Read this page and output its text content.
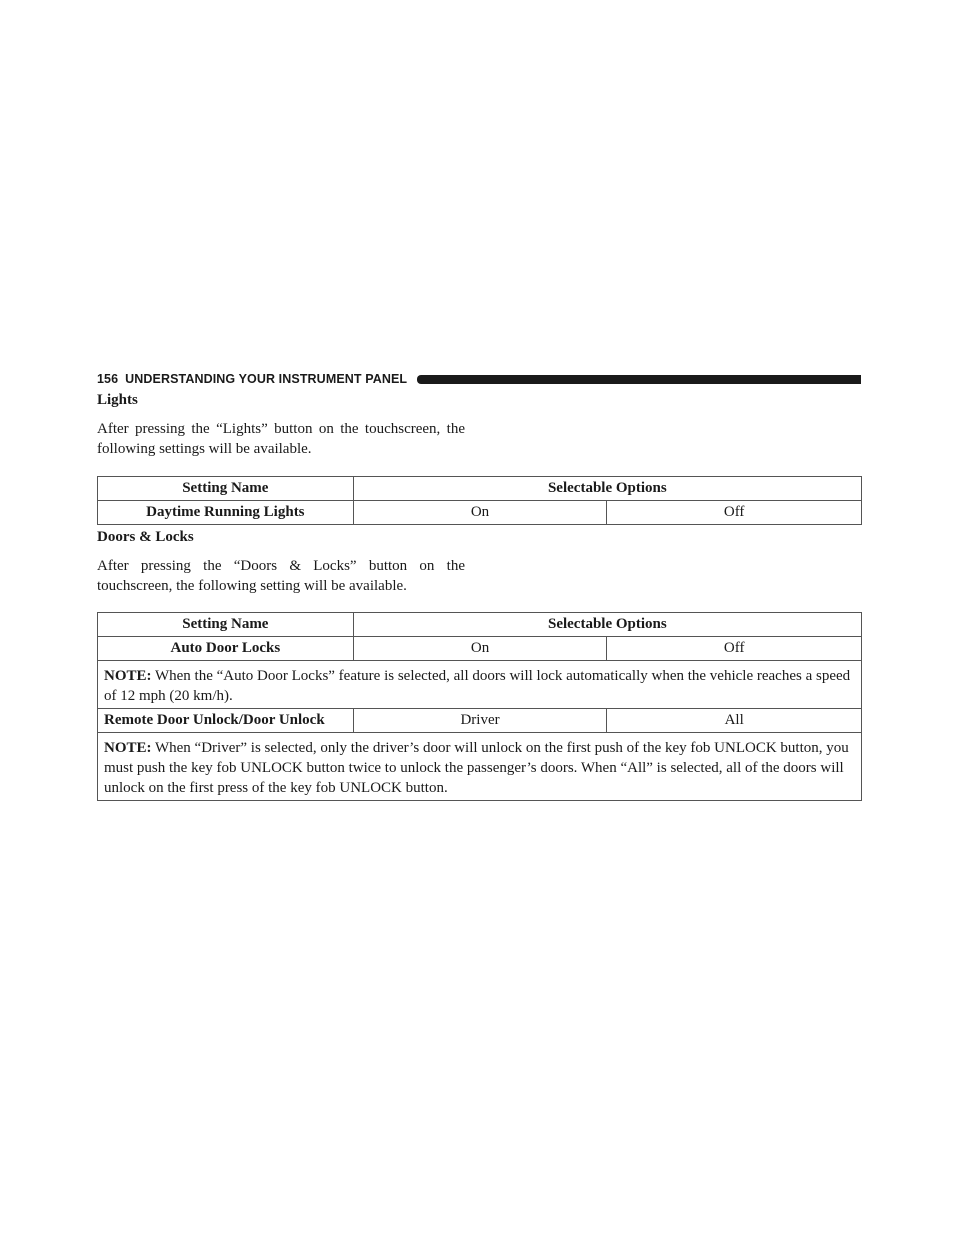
156 UNDERSTANDING YOUR INSTRUMENT PANEL
Lights

After pressing the “Lights” button on the touchscreen, the following settings will be available.

Setting Name	Selectable Options	
Daytime Running Lights	On	Off
Doors & Locks

After pressing the “Doors & Locks” button on the touchscreen, the following setting will be available.

Setting Name	Selectable Options	
Auto Door Locks	On	Off
NOTE: When the “Auto Door Locks” feature is selected, all doors will lock automatically when the vehicle reaches a speed of 12 mph (20 km/h).		
Remote Door Unlock/Door Unlock	Driver	All
NOTE: When “Driver” is selected, only the driver’s door will unlock on the first push of the key fob UNLOCK button, you must push the key fob UNLOCK button twice to unlock the passenger’s doors. When “All” is selected, all of the doors will unlock on the first press of the key fob UNLOCK button.		
